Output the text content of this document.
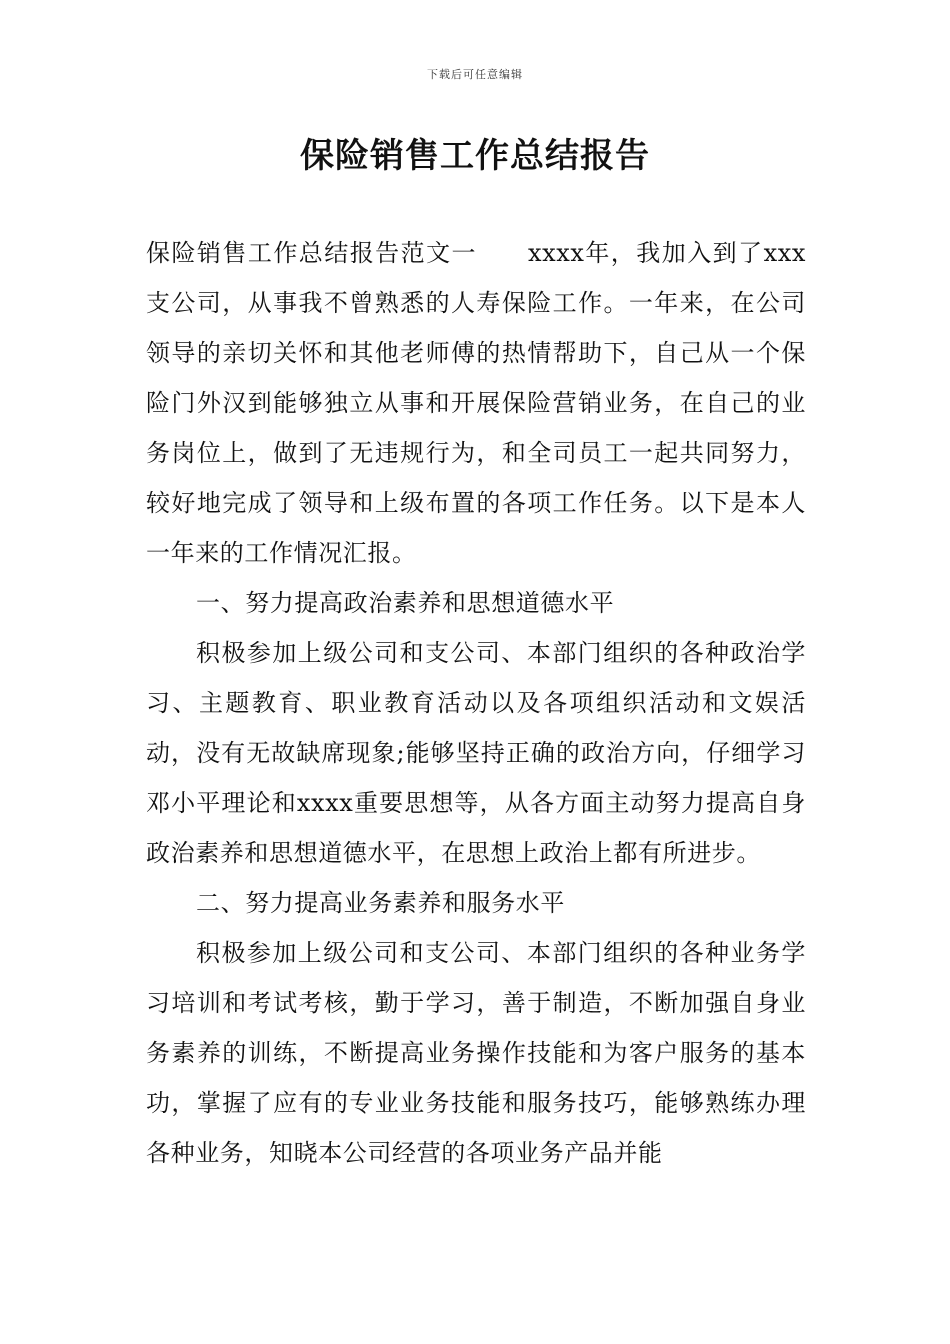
下载后可任意编辑
保险销售工作总结报告

保险销售工作总结报告范文一　　xxxx年，我加入到了xxx支公司，从事我不曾熟悉的人寿保险工作。一年来，在公司领导的亲切关怀和其他老师傅的热情帮助下，自己从一个保险门外汉到能够独立从事和开展保险营销业务，在自己的业务岗位上，做到了无违规行为，和全司员工一起共同努力，较好地完成了领导和上级布置的各项工作任务。以下是本人一年来的工作情况汇报。

一、努力提高政治素养和思想道德水平

积极参加上级公司和支公司、本部门组织的各种政治学习、主题教育、职业教育活动以及各项组织活动和文娱活动，没有无故缺席现象;能够坚持正确的政治方向，仔细学习邓小平理论和xxxx重要思想等，从各方面主动努力提高自身政治素养和思想道德水平，在思想上政治上都有所进步。

二、努力提高业务素养和服务水平

积极参加上级公司和支公司、本部门组织的各种业务学习培训和考试考核，勤于学习，善于制造，不断加强自身业务素养的训练，不断提高业务操作技能和为客户服务的基本功，掌握了应有的专业业务技能和服务技巧，能够熟练办理各种业务，知晓本公司经营的各项业务产品并能
